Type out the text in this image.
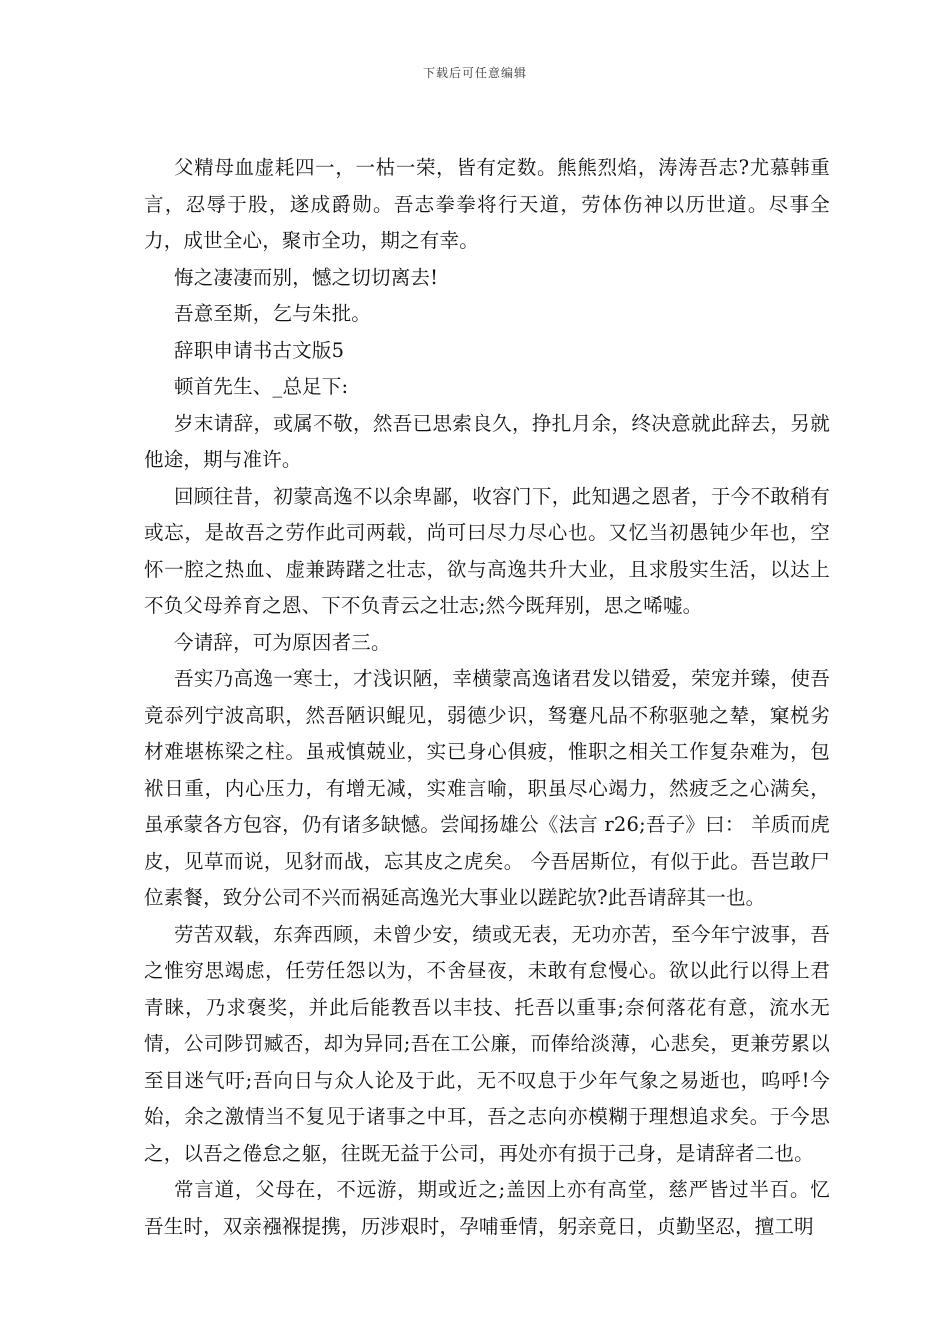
下载后可任意编辑

父精母血虚耗四一，一枯一荣，皆有定数。熊熊烈焰，涛涛吾志?尤慕韩重言，忍辱于股，遂成爵勋。吾志拳拳将行天道，劳体伤神以历世道。尽事全力，成世全心，聚市全功，期之有幸。

悔之凄凄而别，憾之切切离去!

吾意至斯，乞与朱批。

辞职申请书古文版5

顿首先生、_总足下:

岁末请辞，或属不敬，然吾已思索良久，挣扎月余，终决意就此辞去，另就他途，期与准许。

回顾往昔，初蒙高逸不以余卑鄙，收容门下，此知遇之恩者，于今不敢稍有或忘，是故吾之劳作此司两载，尚可曰尽力尽心也。又忆当初愚钝少年也，空怀一腔之热血、虚兼踌躇之壮志，欲与高逸共升大业，且求殷实生活，以达上不负父母养育之恩、下不负青云之壮志;然今既拜别，思之唏嘘。

今请辞，可为原因者三。

吾实乃高逸一寒士，才浅识陋，幸横蒙高逸诸君发以错爱，荣宠并臻，使吾竟忝列宁波高职，然吾陋识鲲见，弱德少识，驽蹇凡品不称驱驰之辇，窠棁劣材难堪栋梁之柱。虽戒慎兢业，实已身心俱疲，惟职之相关工作复杂难为，包袱日重，内心压力，有增无减，实难言喻，职虽尽心竭力，然疲乏之心满矣，虽承蒙各方包容，仍有诸多缺憾。尝闻扬雄公《法言 r26;吾子》曰： 羊质而虎皮，见草而说，见豺而战，忘其皮之虎矣。 今吾居斯位，有似于此。吾岂敢尸位素餐，致分公司不兴而祸延高逸光大事业以蹉跎欤?此吾请辞其一也。

劳苦双载，东奔西顾，未曾少安，绩或无表，无功亦苦，至今年宁波事，吾之惟穷思竭虑，任劳任怨以为，不舍昼夜，未敢有怠慢心。欲以此行以得上君青睐，乃求褒奖，并此后能教吾以丰技、托吾以重事;奈何落花有意，流水无情，公司陟罚臧否，却为异同;吾在工公廉，而俸给淡薄，心悲矣，更兼劳累以至目迷气吁;吾向日与众人论及于此，无不叹息于少年气象之易逝也，呜呼!今始，余之激情当不复见于诸事之中耳，吾之志向亦模糊于理想追求矣。于今思之，以吾之倦怠之躯，往既无益于公司，再处亦有损于己身，是请辞者二也。

常言道，父母在，不远游，期或近之;盖因上亦有高堂，慈严皆过半百。忆吾生时，双亲襁褓提携，历涉艰时，孕哺垂情，躬亲竟日，贞勤坚忍，擅工明
